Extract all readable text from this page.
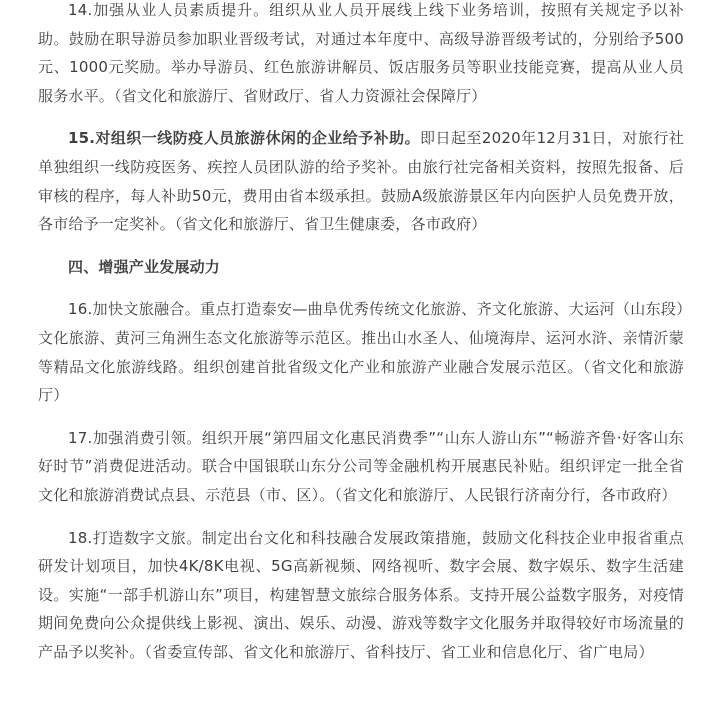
14.加强从业人员素质提升。组织从业人员开展线上线下业务培训，按照有关规定予以补助。鼓励在职导游员参加职业晋级考试，对通过本年度中、高级导游晋级考试的，分别给予500元、1000元奖励。举办导游员、红色旅游讲解员、饭店服务员等职业技能竞赛，提高从业人员服务水平。（省文化和旅游厅、省财政厅、省人力资源社会保障厅）

15.对组织一线防疫人员旅游休闲的企业给予补助。即日起至2020年12月31日，对旅行社单独组织一线防疫医务、疾控人员团队游的给予奖补。由旅行社完备相关资料，按照先报备、后审核的程序，每人补助50元，费用由省本级承担。鼓励A级旅游景区年内向医护人员免费开放，各市给予一定奖补。（省文化和旅游厅、省卫生健康委，各市政府）

四、增强产业发展动力

16.加快文旅融合。重点打造泰安—曲阜优秀传统文化旅游、齐文化旅游、大运河（山东段）文化旅游、黄河三角洲生态文化旅游等示范区。推出山水圣人、仙境海岸、运河水浒、亲情沂蒙等精品文化旅游线路。组织创建首批省级文化产业和旅游产业融合发展示范区。（省文化和旅游厅）

17.加强消费引领。组织开展“第四届文化惠民消费季”“山东人游山东”“畅游齐鲁·好客山东好时节”消费促进活动。联合中国银联山东分公司等金融机构开展惠民补贴。组织评定一批全省文化和旅游消费试点县、示范县（市、区）。（省文化和旅游厅、人民银行济南分行，各市政府）

18.打造数字文旅。制定出台文化和科技融合发展政策措施，鼓励文化科技企业申报省重点研发计划项目，加快4K/8K电视、5G高新视频、网络视听、数字会展、数字娱乐、数字生活建设。实施“一部手机游山东”项目，构建智慧文旅综合服务体系。支持开展公益数字服务，对疫情期间免费向公众提供线上影视、演出、娱乐、动漫、游戏等数字文化服务并取得较好市场流量的产品予以奖补。（省委宣传部、省文化和旅游厅、省科技厅、省工业和信息化厅、省广电局）
